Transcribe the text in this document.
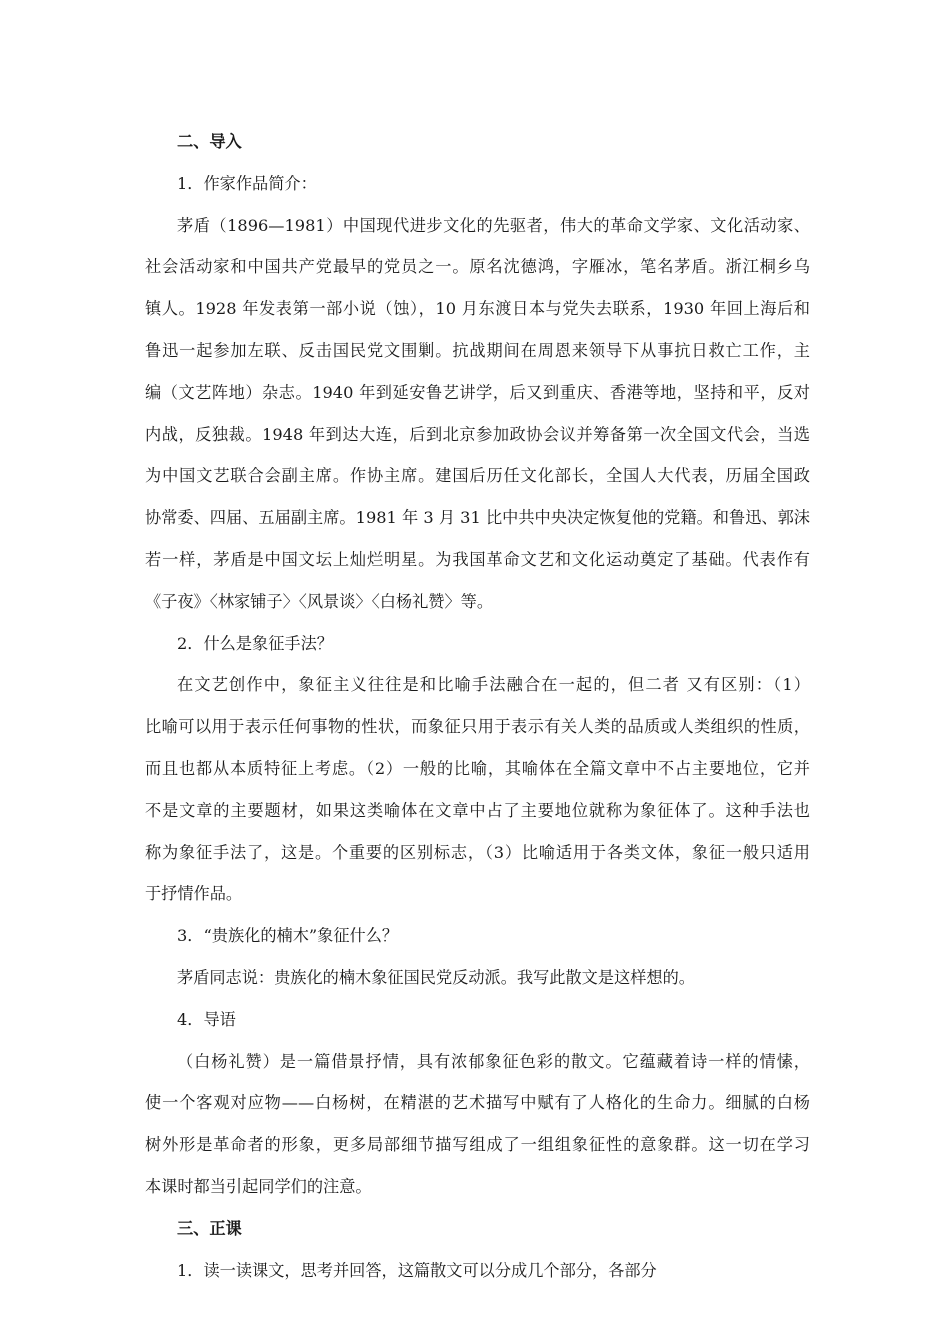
二、导入
1．作家作品简介：
茅盾（1896—1981）中国现代进步文化的先驱者，伟大的革命文学家、文化活动家、
社会活动家和中国共产党最早的党员之一。原名沈德鸿，字雁冰，笔名茅盾。浙江桐乡乌
镇人。1928 年发表第一部小说（蚀），10 月东渡日本与党失去联系，1930 年回上海后和
鲁迅一起参加左联、反击国民党文围剿。抗战期间在周恩来领导下从事抗日救亡工作，主
编（文艺阵地）杂志。1940 年到延安鲁艺讲学，后又到重庆、香港等地，坚持和平，反对
内战，反独裁。1948 年到达大连，后到北京参加政协会议并筹备第一次全国文代会，当选
为中国文艺联合会副主席。作协主席。建国后历任文化部长，全国人大代表，历届全国政
协常委、四届、五届副主席。1981 年 3 月 31 比中共中央决定恢复他的党籍。和鲁迅、郭沫
若一样，茅盾是中国文坛上灿烂明星。为我国革命文艺和文化运动奠定了基础。代表作有
《子夜》〈林家铺子〉〈风景谈〉〈白杨礼赞〉等。
2．什么是象征手法？
在文艺创作中，象征主义往往是和比喻手法融合在一起的，但二者 又有区别：（1）
比喻可以用于表示任何事物的性状，而象征只用于表示有关人类的品质或人类组织的性质，
而且也都从本质特征上考虑。（2）一般的比喻，其喻体在全篇文章中不占主要地位，它并
不是文章的主要题材，如果这类喻体在文章中占了主要地位就称为象征体了。这种手法也
称为象征手法了，这是。个重要的区别标志，（3）比喻适用于各类文体，象征一般只适用
于抒情作品。
3．“贵族化的楠木”象征什么？
茅盾同志说：贵族化的楠木象征国民党反动派。我写此散文是这样想的。
4．导语
（白杨礼赞）是一篇借景抒情，具有浓郁象征色彩的散文。它蕴藏着诗一样的情愫，
使一个客观对应物——白杨树，在精湛的艺术描写中赋有了人格化的生命力。细腻的白杨
树外形是革命者的形象，更多局部细节描写组成了一组组象征性的意象群。这一切在学习
本课时都当引起同学们的注意。
三、正课
1．读一读课文，思考并回答，这篇散文可以分成几个部分，各部分
